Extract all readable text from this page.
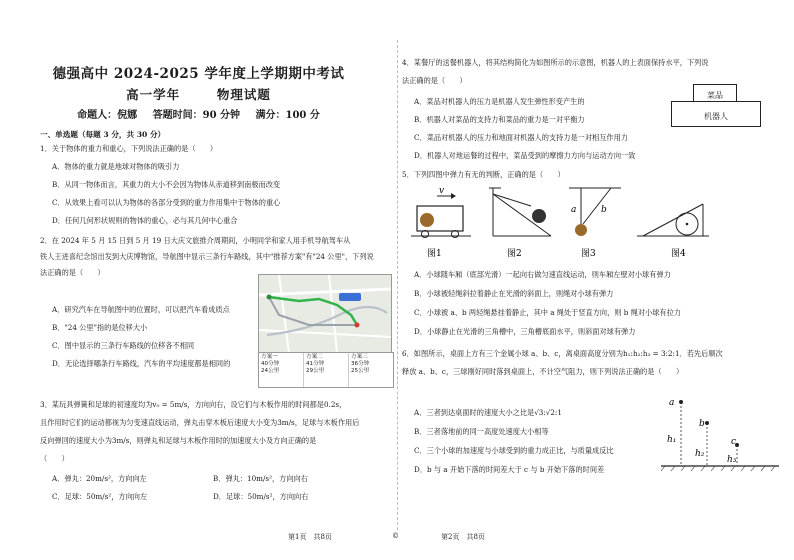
德强高中 2024-2025 学年度上学期期中考试
高一学年	物理试题
命题人：倪娜 答题时间：90 分钟 满分：100 分
一、单选题（每题 3 分，共 30 分）
1．关于物体的重力和重心，下列说法正确的是（　　）
A．物体的重力就是地球对物体的吸引力
B．从同一物体而言，其重力的大小不会因为物体从赤道移到南极而改变
C．从效果上看可以认为物体的各部分受到的重力作用集中于物体的重心
D．任何几何形状规则的物体的重心，必与其几何中心重合
2．在 2024 年 5 月 15 日到 5 月 19 日大庆文旅推介周期间，小明同学和家人用手机导航驾车从
铁人王进喜纪念馆出发到大庆博物馆，导航图中显示三条行车路线，其中"推荐方案"有"24 公里"，下列说
法正确的是（　　）
A．研究汽车在导航图中的位置时，可以把汽车看成质点
B．"24 公里"指的是位移大小
C．图中显示的三条行车路线的位移各不相同
D．无论选择哪条行车路线，汽车的平均速度都是相同的
方案一
40分钟
24公里
方案二
41分钟
29公里
方案三
36分钟
25公里
3．某玩具弹簧和足球的初速度均为v₀ = 5m/s，方向向右，设它们与木板作用的时间都是0.2s，
且作用时它们的运动都视为匀变速直线运动，弹丸击穿木板后速度大小变为3m/s，足球与木板作用后
反向弹回的速度大小为3m/s，则弹丸和足球与木板作用时的加速度大小及方向正确的是
（　　）
A．弹丸：20m/s²，方向向左	B．弹丸：10m/s²，方向向右
C．足球：50m/s²，方向向左	D．足球：50m/s²，方向向右
第1页　共8页	©
4．某餐厅的送餐机器人，将其结构简化为如图所示的示意图，机器人的上表面保持水平，下列说
法正确的是（　　）
A．菜品对机器人的压力是机器人发生弹性形变产生的
B．机器人对菜品的支持力和菜品的重力是一对平衡力
C．菜品对机器人的压力和地面对机器人的支持力是一对相互作用力
D．机器人对地运餐的过程中，菜品受到的摩擦力方向与运动方向一致
菜品
机器人
5．下列四图中弹力有无的判断，正确的是（　　）
v
a	b
图1	图2	图3	图4
A．小球随车厢（底部光滑）一起向右做匀速直线运动，则车厢左壁对小球有弹力
B．小球被轻绳斜拉着静止在光滑的斜面上，则绳对小球有弹力
C．小球被 a、b 两轻绳悬挂着静止，其中 a 绳处于竖直方向，则 b 绳对小球有拉力
D．小球静止在光滑的三角槽中，三角槽底面水平，则斜面对球有弹力
6．如图所示，桌面上方有三个金属小球 a、b、c，离桌面高度分别为h₁:h₂:h₃ = 3:2:1．若先后顺次
释放 a、b、c，三球刚好同时落到桌面上，不计空气阻力，则下列说法正确的是（　　）
A．三者到达桌面时的速度大小之比是√3:√2:1
B．三者落地前的同一高度处速度大小相等
C．三个小球的加速度与小球受到的重力成正比，与质量成反比
D．b 与 a 开始下落的时间差大于 c 与 b 开始下落的时间差
a
b
c
h₁
h₂
h₃
第2页　共8页
